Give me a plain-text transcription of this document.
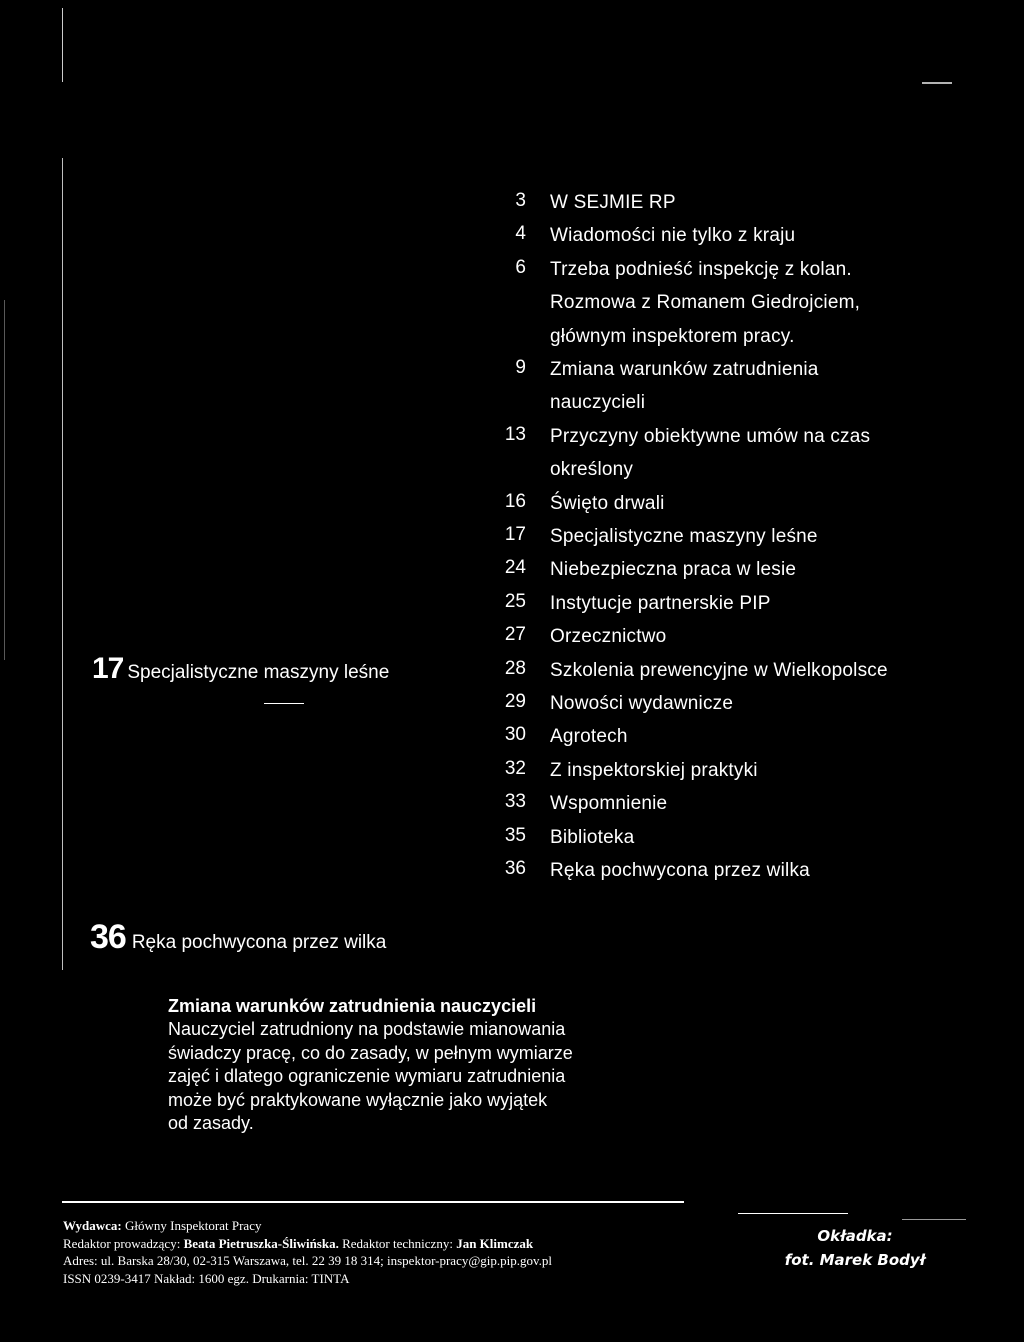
3 W SEJMIE RP
4 Wiadomości nie tylko z kraju
6 Trzeba podnieść inspekcję z kolan.
Rozmowa z Romanem Giedrojciem,
głównym inspektorem pracy.
9 Zmiana warunków zatrudnienia
nauczycieli
13 Przyczyny obiektywne umów na czas
określony
16 Święto drwali
17 Specjalistyczne maszyny leśne
24 Niebezpieczna praca w lesie
25 Instytucje partnerskie PIP
27 Orzecznictwo
28 Szkolenia prewencyjne w Wielkopolsce
29 Nowości wydawnicze
30 Agrotech
32 Z inspektorskiej praktyki
33 Wspomnienie
35 Biblioteka
36 Ręka pochwycona przez wilka
17 Specjalistyczne maszyny leśne
36 Ręka pochwycona przez wilka
Zmiana warunków zatrudnienia nauczycieli
Nauczyciel zatrudniony na podstawie mianowania
świadczy pracę, co do zasady, w pełnym wymiarze
zajęć i dlatego ograniczenie wymiaru zatrudnienia
może być praktykowane wyłącznie jako wyjątek
od zasady.
Wydawca: Główny Inspektorat Pracy
Redaktor prowadzący: Beata Pietruszka-Śliwińska. Redaktor techniczny: Jan Klimczak
Adres: ul. Barska 28/30, 02-315 Warszawa, tel. 22 39 18 314; inspektor-pracy@gip.pip.gov.pl
ISSN 0239-3417 Nakład: 1600 egz. Drukarnia: TINTA
Okładka:
fot. Marek Bodył
